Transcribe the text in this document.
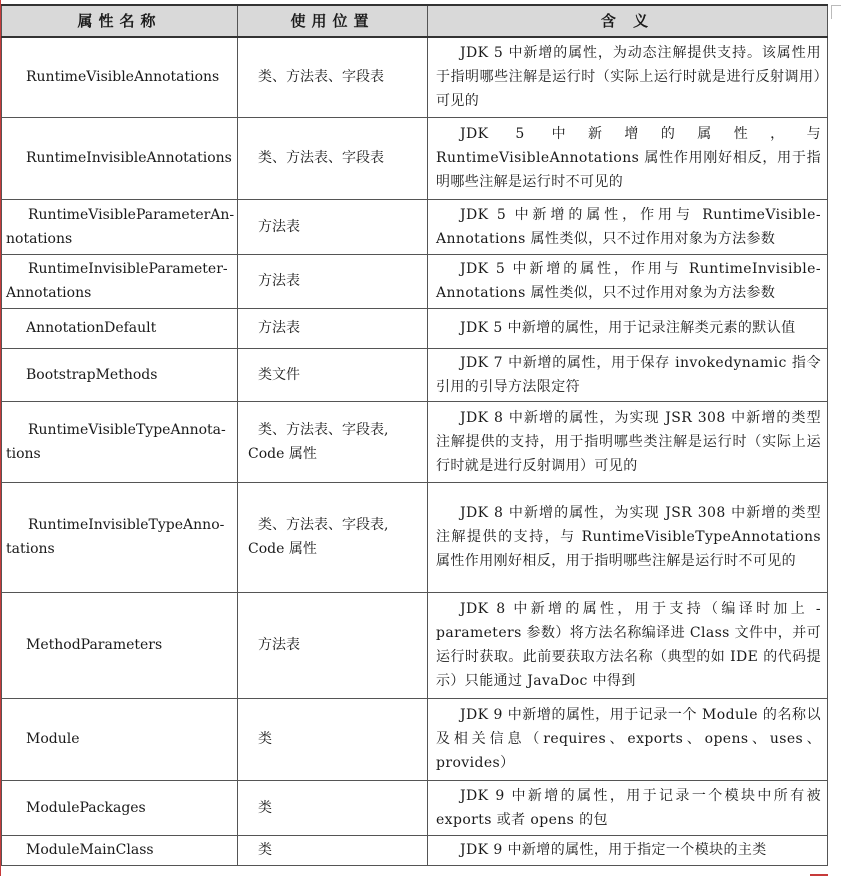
属性名称	使用位置	含 义
RuntimeVisibleAnnotations	类、方法表、字段表	JDK 5 中新增的属性，为动态注解提供支持。该属性用于指明哪些注解是运行时（实际上运行时就是进行反射调用）可见的
RuntimeInvisibleAnnotations	类、方法表、字段表	JDK 5 中新增的属性，与 RuntimeVisibleAnnotations 属性作用刚好相反，用于指明哪些注解是运行时不可见的

RuntimeVisibleParameterAn-
notations	方法表	JDK 5 中新增的属性，作用与 RuntimeVisible-Annotations 属性类似，只不过作用对象为方法参数

RuntimeInvisibleParameter-
Annotations	方法表	JDK 5 中新增的属性，作用与 RuntimeInvisible-Annotations 属性类似，只不过作用对象为方法参数
AnnotationDefault	方法表	JDK 5 中新增的属性，用于记录注解类元素的默认值
BootstrapMethods	类文件	JDK 7 中新增的属性，用于保存 invokedynamic 指令引用的引导方法限定符

RuntimeVisibleTypeAnnota-
tions	类、方法表、字段表,
Code 属性	JDK 8 中新增的属性，为实现 JSR 308 中新增的类型注解提供的支持，用于指明哪些类注解是运行时（实际上运行时就是进行反射调用）可见的

RuntimeInvisibleTypeAnno-
tations	类、方法表、字段表,
Code 属性	JDK 8 中新增的属性，为实现 JSR 308 中新增的类型注解提供的支持，与 RuntimeVisibleTypeAnnotations 属性作用刚好相反，用于指明哪些注解是运行时不可见的
MethodParameters	方法表	JDK 8 中新增的属性，用于支持（编译时加上 -parameters 参数）将方法名称编译进 Class 文件中，并可运行时获取。此前要获取方法名称（典型的如 IDE 的代码提示）只能通过 JavaDoc 中得到
Module	类	JDK 9 中新增的属性，用于记录一个 Module 的名称以及相关信息（requires、exports、opens、uses、provides）
ModulePackages	类	JDK 9 中新增的属性，用于记录一个模块中所有被 exports 或者 opens 的包
ModuleMainClass	类	JDK 9 中新增的属性，用于指定一个模块的主类
